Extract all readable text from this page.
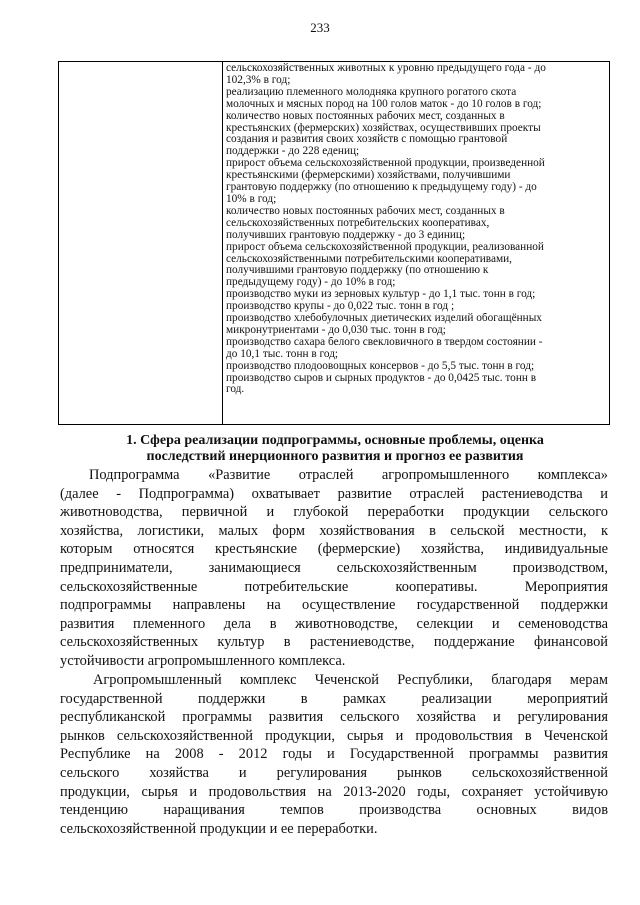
233
сельскохозяйственных животных к уровню предыдущего года - до
102,3% в год;
реализацию племенного молодняка крупного рогатого скота
молочных и мясных пород на 100 голов маток - до 10 голов в год;
количество новых постоянных рабочих мест, созданных в
крестьянских (фермерских) хозяйствах, осуществивших проекты
создания и развития своих хозяйств с помощью грантовой
поддержки - до 228 едениц;
прирост объема сельскохозяйственной продукции, произведенной
крестьянскими (фермерскими) хозяйствами, получившими
грантовую поддержку (по отношению к предыдущему году) - до
10% в год;
количество новых постоянных рабочих мест, созданных в
сельскохозяйственных потребительских кооперативах,
получивших грантовую поддержку - до 3 единиц;
прирост объема сельскохозяйственной продукции, реализованной
сельскохозяйственными потребительскими кооперативами,
получившими грантовую поддержку (по отношению к
предыдущему году) - до 10% в год;
производство муки из зерновых культур - до 1,1 тыс. тонн в год;
производство крупы - до 0,022 тыс. тонн в год ;
производство хлебобулочных диетических изделий обогащённых
микронутриентами - до 0,030 тыс. тонн в год;
производство сахара белого свекловичного в твердом состоянии -
до 10,1 тыс. тонн в год;
производство плодоовощных консервов - до 5,5 тыс. тонн в год;
производство сыров и сырных продуктов - до 0,0425 тыс. тонн в
год.
1. Сфера реализации подпрограммы, основные проблемы, оценка
последствий инерционного развития и прогноз ее развития
Подпрограмма «Развитие отраслей агропромышленного комплекса»
(далее - Подпрограмма) охватывает развитие отраслей растениеводства и
животноводства, первичной и глубокой переработки продукции сельского
хозяйства, логистики, малых форм хозяйствования в сельской местности, к
которым относятся крестьянские (фермерские) хозяйства, индивидуальные
предприниматели, занимающиеся сельскохозяйственным производством,
сельскохозяйственные потребительские кооперативы. Мероприятия
подпрограммы направлены на осуществление государственной поддержки
развития племенного дела в животноводстве, селекции и семеноводства
сельскохозяйственных культур в растениеводстве, поддержание финансовой
устойчивости агропромышленного комплекса.
Агропромышленный комплекс Чеченской Республики, благодаря мерам
государственной поддержки в рамках реализации мероприятий
республиканской программы развития сельского хозяйства и регулирования
рынков сельскохозяйственной продукции, сырья и продовольствия в Чеченской
Республике на 2008 - 2012 годы и Государственной программы развития
сельского хозяйства и регулирования рынков сельскохозяйственной
продукции, сырья и продовольствия на 2013-2020 годы, сохраняет устойчивую
тенденцию наращивания темпов производства основных видов
сельскохозяйственной продукции и ее переработки.
